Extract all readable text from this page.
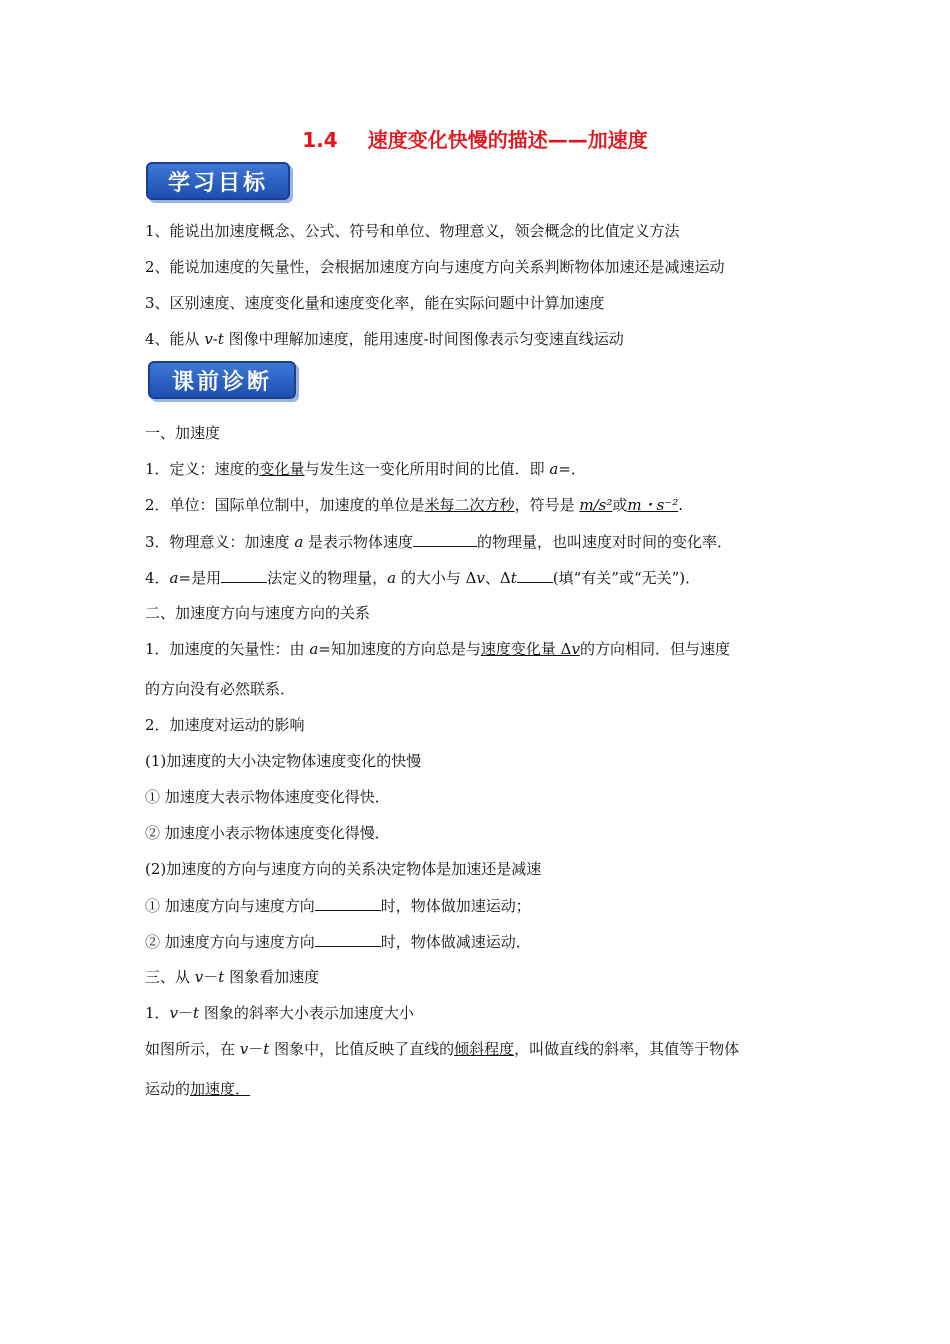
1.4 速度变化快慢的描述——加速度
学习目标
1、能说出加速度概念、公式、符号和单位、物理意义，领会概念的比值定义方法
2、能说加速度的矢量性，会根据加速度方向与速度方向关系判断物体加速还是减速运动
3、区别速度、速度变化量和速度变化率，能在实际问题中计算加速度
4、能从 v-t 图像中理解加速度，能用速度-时间图像表示匀变速直线运动
课前诊断
一、加速度
1．定义：速度的变化量与发生这一变化所用时间的比值．即 a=．
2．单位：国际单位制中，加速度的单位是米每二次方秒，符号是 m/s²或m・s⁻².
3．物理意义：加速度 a 是表示物体速度	的物理量，也叫速度对时间的变化率．
4．a=是用	法定义的物理量，a 的大小与 Δv、Δt (填“有关”或“无关”)．
二、加速度方向与速度方向的关系
1．加速度的矢量性：由 a=知加速度的方向总是与速度变化量 Δv的方向相同．但与速度
的方向没有必然联系．
2．加速度对运动的影响
(1)加速度的大小决定物体速度变化的快慢
① 加速度大表示物体速度变化得快．
② 加速度小表示物体速度变化得慢．
(2)加速度的方向与速度方向的关系决定物体是加速还是减速
① 加速度方向与速度方向	时，物体做加速运动；
② 加速度方向与速度方向	时，物体做减速运动．
三、从 v－t 图象看加速度
1．v－t 图象的斜率大小表示加速度大小
如图所示，在 v－t 图象中，比值反映了直线的倾斜程度，叫做直线的斜率，其值等于物体
运动的加速度．
